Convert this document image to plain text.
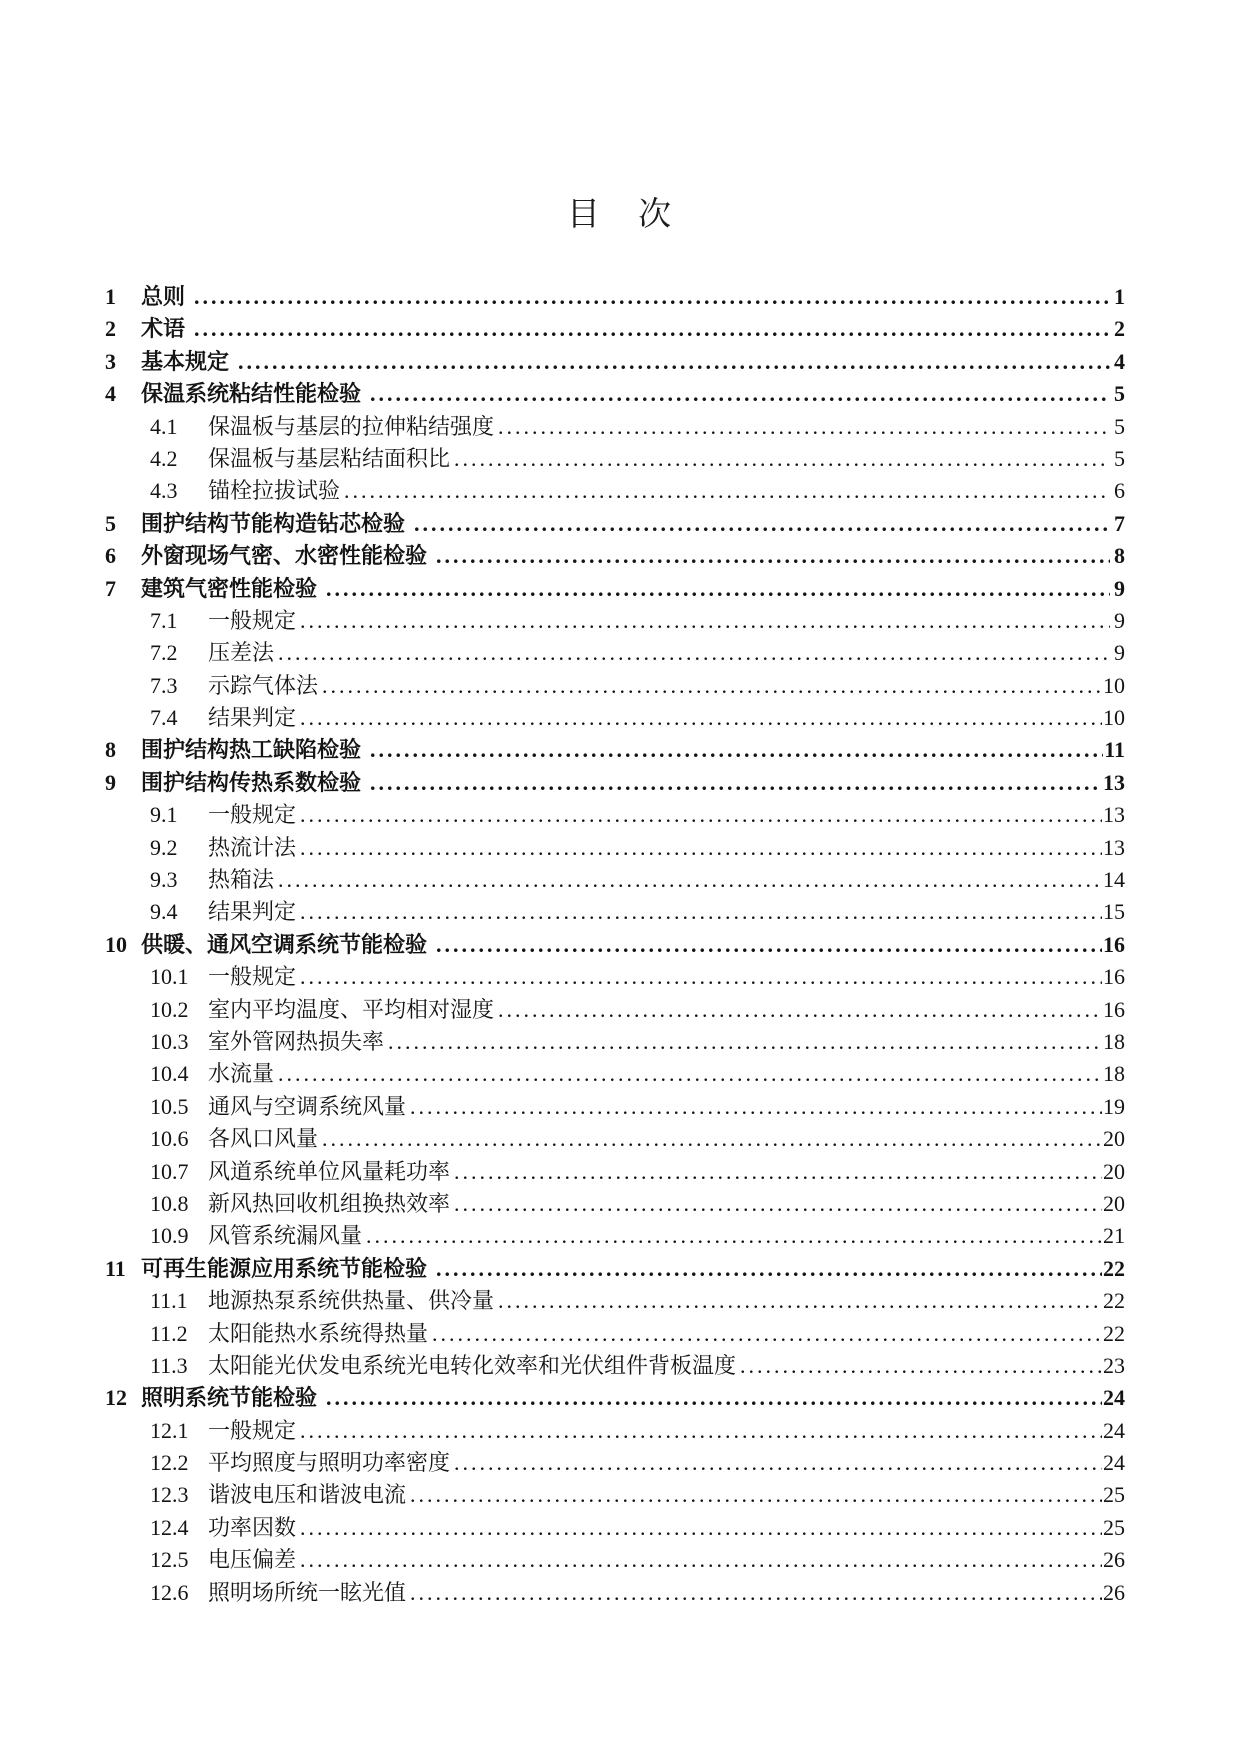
目 次
1	总则 .....	1
2	术语 .....	2
3	基本规定 .....	4
4	保温系统粘结性能检验 .....	5
4.1	保温板与基层的拉伸粘结强度 .....	5
4.2	保温板与基层粘结面积比 .....	5
4.3	锚栓拉拔试验 .....	6
5	围护结构节能构造钻芯检验 .....	7
6	外窗现场气密、水密性能检验 .....	8
7	建筑气密性能检验 .....	9
7.1	一般规定 .....	9
7.2	压差法 .....	9
7.3	示踪气体法 .....	10
7.4	结果判定 .....	10
8	围护结构热工缺陷检验 .....	11
9	围护结构传热系数检验 .....	13
9.1	一般规定 .....	13
9.2	热流计法 .....	13
9.3	热箱法 .....	14
9.4	结果判定 .....	15
10 供暖、通风空调系统节能检验 .....	16
10.1 一般规定 .....	16
10.2 室内平均温度、平均相对湿度 .....	16
10.3 室外管网热损失率 .....	18
10.4 水流量 .....	18
10.5 通风与空调系统风量 .....	19
10.6 各风口风量 .....	20
10.7 风道系统单位风量耗功率 .....	20
10.8 新风热回收机组换热效率 .....	20
10.9 风管系统漏风量 .....	21
11 可再生能源应用系统节能检验 .....	22
11.1 地源热泵系统供热量、供冷量 .....	22
11.2 太阳能热水系统得热量 .....	22
11.3 太阳能光伏发电系统光电转化效率和光伏组件背板温度 .....	23
12 照明系统节能检验 .....	24
12.1 一般规定 .....	24
12.2 平均照度与照明功率密度 .....	24
12.3 谐波电压和谐波电流 .....	25
12.4 功率因数 .....	25
12.5 电压偏差 .....	26
12.6 照明场所统一眩光值 .....	26
